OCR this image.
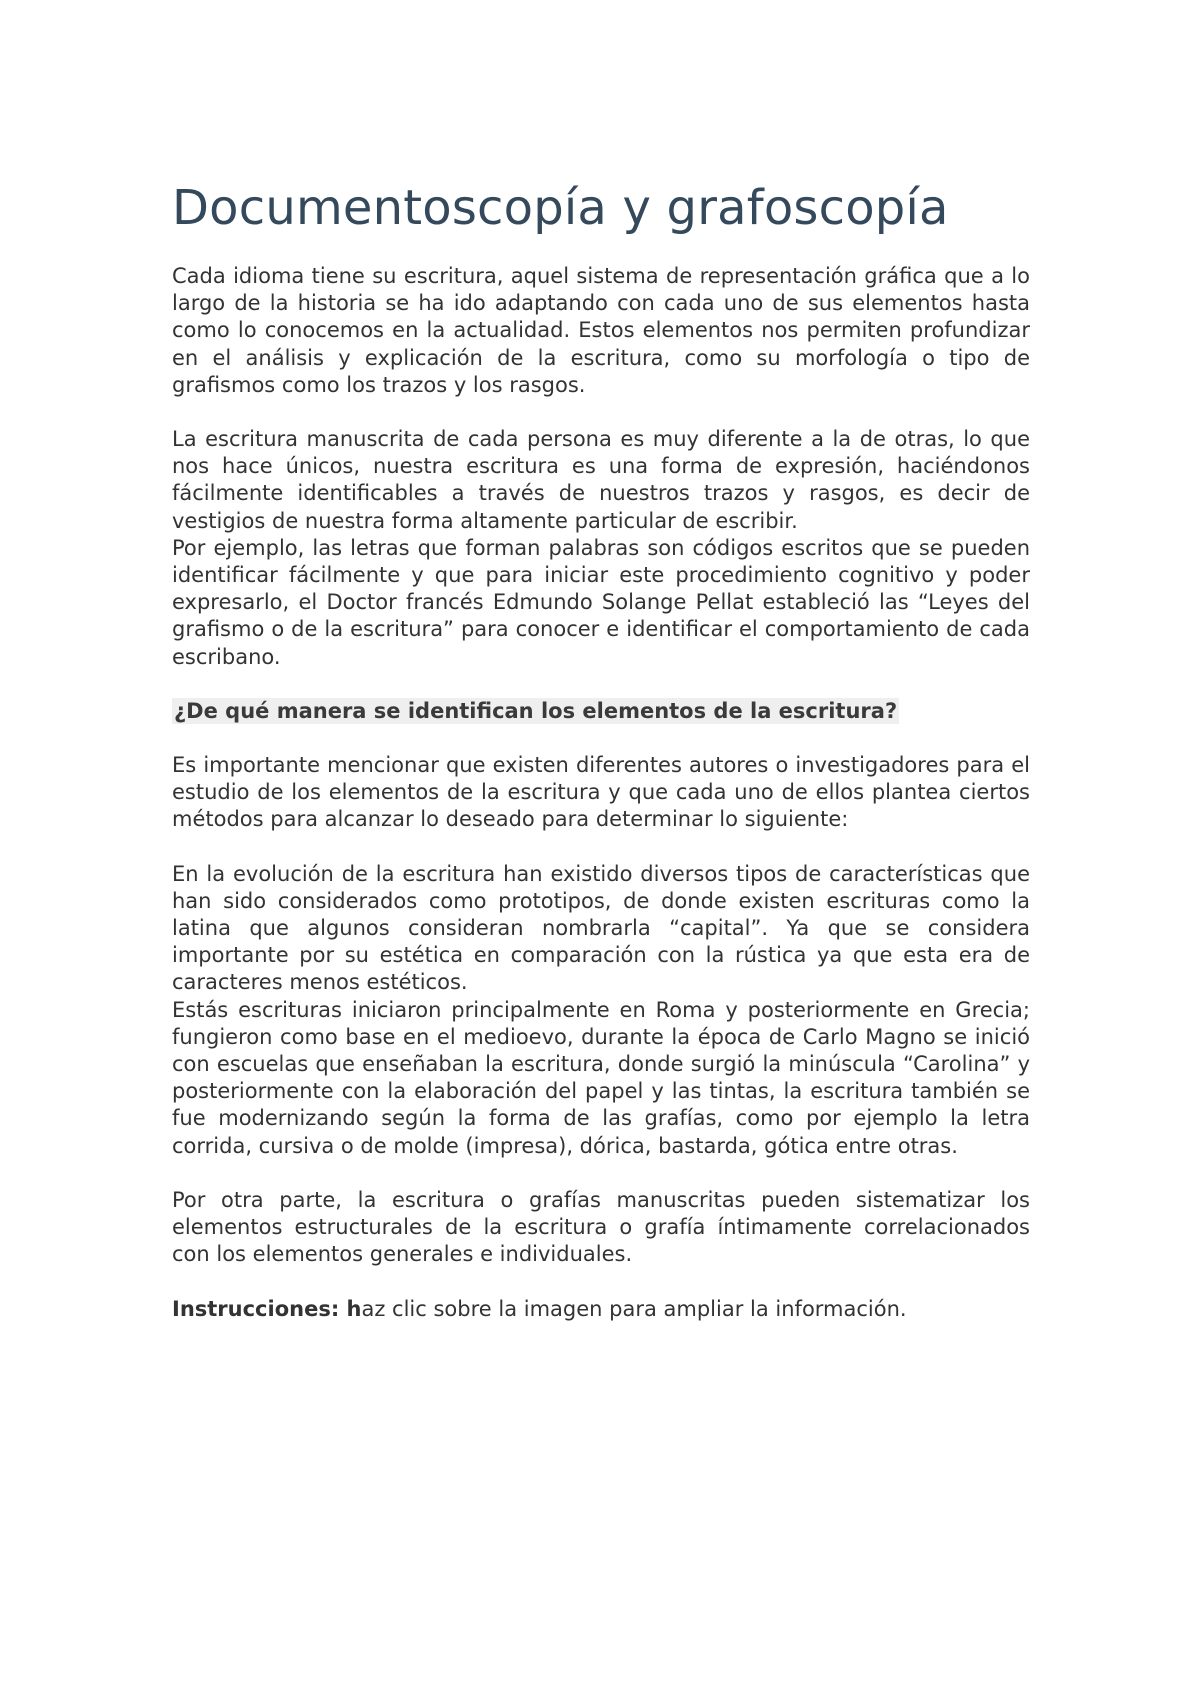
Documentoscopía y grafoscopía

Cada idioma tiene su escritura, aquel sistema de representación gráfica que a lo largo de la historia se ha ido adaptando con cada uno de sus elementos hasta como lo conocemos en la actualidad. Estos elementos nos permiten profundizar en el análisis y explicación de la escritura, como su morfología o tipo de grafismos como los trazos y los rasgos.

La escritura manuscrita de cada persona es muy diferente a la de otras, lo que nos hace únicos, nuestra escritura es una forma de expresión, haciéndonos fácilmente identificables a través de nuestros trazos y rasgos, es decir de vestigios de nuestra forma altamente particular de escribir.

Por ejemplo, las letras que forman palabras son códigos escritos que se pueden identificar fácilmente y que para iniciar este procedimiento cognitivo y poder expresarlo, el Doctor francés Edmundo Solange Pellat estableció las “Leyes del grafismo o de la escritura” para conocer e identificar el comportamiento de cada escribano.

¿De qué manera se identifican los elementos de la escritura?

Es importante mencionar que existen diferentes autores o investigadores para el estudio de los elementos de la escritura y que cada uno de ellos plantea ciertos métodos para alcanzar lo deseado para determinar lo siguiente:

En la evolución de la escritura han existido diversos tipos de características que han sido considerados como prototipos, de donde existen escrituras como la latina que algunos consideran nombrarla “capital”. Ya que se considera importante por su estética en comparación con la rústica ya que esta era de caracteres menos estéticos.

Estás escrituras iniciaron principalmente en Roma y posteriormente en Grecia; fungieron como base en el medioevo, durante la época de Carlo Magno se inició con escuelas que enseñaban la escritura, donde surgió la minúscula “Carolina” y posteriormente con la elaboración del papel y las tintas, la escritura también se fue modernizando según la forma de las grafías, como por ejemplo la letra corrida, cursiva o de molde (impresa), dórica, bastarda, gótica entre otras.

Por otra parte, la escritura o grafías manuscritas pueden sistematizar los elementos estructurales de la escritura o grafía íntimamente correlacionados con los elementos generales e individuales.

Instrucciones: haz clic sobre la imagen para ampliar la información.
